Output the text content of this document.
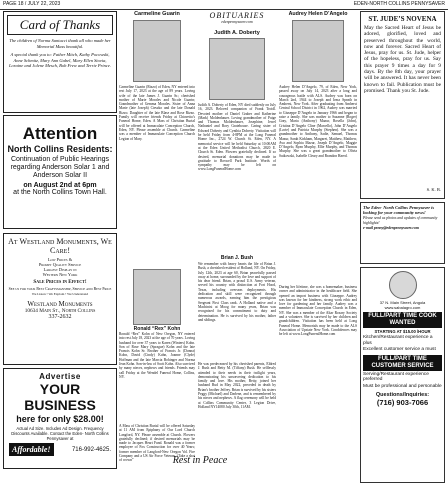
PAGE 18 / JULY 22, 2023	EDEN-NORTH COLLINS PENNYSAVER

Card of Thanks

The children of Norma Santucci thank all who made her Memorial Mass beautiful.

A special thank you to: Father Mitch, Kathy Pocowski, Anne Schmitz, Mary Ann Gabel, Mary Ellen Stovia, Loraine and Jolene Mesch, Bob Frew and Terrie Prince.

Attention

North Collins Residents:

Continuation of Public Hearings regarding Anderson Solar 1 and Anderson Solar II

on August 2nd at 6pm

at the North Collins Town Hall.

At Westland Monuments, We Care!

Low Prices &

Prompt Quality Service

Largest Display in

Western New York

Sale Prices in Effect!

See us for your Best Craftsmanship, Service and Best Price

We Listen • We Explain • We Understand

Westland Monuments

10634 Main St., North Collins

337-2632

Advertise

YOUR BUSINESS

here for only $28.00!

Actual Ad Size. Includes Ad Design. Frequency Discounts Available. Contact the Eden- North Collins Pennysaver at

Affordable!	716-992-4625.

Carmeline Guarin

Carmeline Guarin (Rizzo) of Eden, NY entered into rest July 17, 2023 at the age of 89 years. Loving wife of the late James J. Guarin Sr.; cherished mother of Marie Morales and Nicole Guarin; Grandmother of Gemma Morales. Sister of Anna Marie (late Joseph) Cieszko and the late Donald Rizzo. Daughter of the late Blase and Rose Rizzo. Family will receive friends Friday at Chiavetta’s Funeral Home, Eden. A Mass of Christian Burial will be offered at Immaculate Conception Church, Eden, NY. Please assemble at Church. Carmeline was a member of Immaculate Conception Church Legion of Mary.

Ronald “Rex” Kohn

Ronald “Rex” Kohn of New Oregon, NY entered into rest July 18, 2023 at the age of 70 years. Loving husband for over 37 years to Karen (Winters) Kohn. Son of Rose Mary (Sprague) Kohn and the late Francis Kohn Sr. Brother of Francis Jr. (Donna) Kohn, David (Cindy) Kohn, Joanne (Clyde) Hoffman and the late Marcia Bohinger and Norma Jean Kohn. Son-in-law of Scott Kohn. Also survived by many nieces, nephews and friends. Friends may call Friday at the Wendel Funeral Home, Collins, NY.

A Mass of Christian Burial will be offered Saturday at 11 AM from Epiphany of Our Lord Church Langford, NY. Please assemble at Church. Flowers gratefully declined; if desired memorials may be made to Jacques Heart Fund. Ronald was a former employee of Fox Construction for over 40 Years; former member of Langford-New Oregon Vol. Fire Company and a US Air Force Veteran. “Take a shot of crown”

OBITUARIES

edenpennysaver.com

Judith A. Doberty

Judith A. Doherty of Eden, NY died suddenly on July 16, 2023. Beloved companion of Frank Troidl. Devoted mother of Daniel Graber and Katherine (Mark) Moldenhauer. Loving grandmother of Paige and Thomas Moldenhauer, Josephine, Jewel Nathaniel and Rory Gratehouse. Caring sister of Edward Doherty and Cynthia Doherty. Visitation will be held Friday from 4-8PM at the Long Funeral Home Inc., 2724 W. Church St. Eden, NY. A memorial service will be held Saturday at 10:00AM at the Eden United Methodist Church, 2820 E. Church St. Eden. Flowers gratefully declined. If so desired, memorial donations may be made in gratitude to Roswell Park Institute. Words of sympathy may be left on www.LongFuneralHome.com

Brian J. Bush

We remember with heavy hearts the life of Brian J. Bush, a cherished resident of Holland, NY. On Friday, July 12th, 2023 at age 60, Brian peacefully passed away at home, surrounded by the love and support of his dear friend. Brian, a proud U.S. Army veteran, served his country with distinction at Fort Hood, Texas, including overseas deployments. His dedication and skill were recognized through numerous awards, earning him the prestigious Sergeant First Class rank. A Holland native and a Machinist at Moog for many years, Brian was recognized for his commitment to duty and determination. He is survived by his mother, father and siblings.

He was predeceased by his cherished parents, Eldred J. Bush and Betty M. (Tiffany) Bush. He selflessly attended to their needs in their twilight years, demonstrating his unwavering dedication to his family and love. His mother, Betty, joined her husband Bud in May 2022, preceded in death by Brian's brother Jeffrey. Brian is survived by his sisters Peggy (Michael) and Darlene, and is remembered by his nieces and nephews. A flag ceremony will be held at Collins Community Center, 3 Legion Drive, Holland NY14080 July 30th, 11AM.

Rest in Peace

Audrey Helen D’Angelo

Audrey Helen D’Angelo, 79, of Eden, New York, passed away on July 14, 2023 after a long and courageous battle with ALS. Audrey was born on March 2nd, 1944 to Joseph and Irma Speath in Amherst, New York. After graduating from Amherst Central School District in 1962, Audrey was married to Giuseppe D’Angelo in January 1966 and began to raise a family. She was mother to Suzanne (Roger) Gray, Maria (Anthony) Mazur, Rosella (John), Cristina D’Angelo Cline (Marcello), John D’Angelo (Lorie) and Patricia Murphy (Stephen). She was a grandmother to Anthony, Sadie, Samuel, Thomas Mazur, Sarah Kirkham, Margaret, Matthew, Matthew, Ava and Sophia Mazur, Joseph D’Angelo, Maggie D’Angelo, Ryan Murphy, Ellie Murphy, and Thomas Murphy. She was a great grandmother to Olivia Sutkowski, Isabelle Cleary and Brandon Haerd.

During her lifetime, she was a homemaker, business owner and administrator in the healthcare field. She opened an import business with Giuseppe. Audrey was known for her kindness, strong work ethic and love for gardening and her family. Audrey was a member of Immaculate Conception Church in Eden, NY. She was a member of the Altar Rosary Society and a volunteer. She is survived by her children and grandchildren. Visitation has been held at Long Funeral Home. Memorials may be made to the ALS Association of Upstate New York. Condolences may be left at www.LongFuneralHome.com

ST. JUDE’S NOVENA

May the Sacred Heart of Jesus be adored, glorified, loved and preserved throughout the world, now and forever. Sacred Heart of Jesus, pray for us. St. Jude, helper of the hopeless, pray for us. Say this prayer 9 times a day for 9 days. By the 8th day, your prayer will be answered. It has never been known to fail. Publication must be promised. Thank you St. Jude.

S. K. B.

The Eden- North Collins Pennysaver is looking for your community news!

Please send us photos and updates of community highlights!

e-mail penny@edenpennysaver.com

37 N. Main Street, Angola

www.sabalagro.com

FULL/PART TIME COOK WANTED

STARTING AT $15.00 /HOUR

Kitchen/Restaurant experience a plus

Excellent customer service a must

FULL/PART TIME CUSTOMER SERVICE

Serving/Restaurant experience preferred

Must be professional and personable

Questions/Inquiries:

(716) 903-7066
